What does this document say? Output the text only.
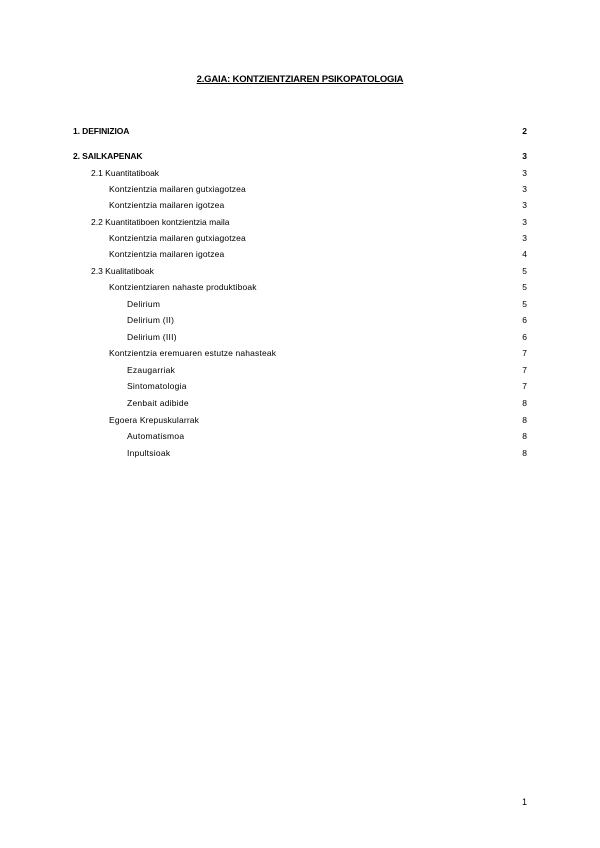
2.GAIA: KONTZIENTZIAREN PSIKOPATOLOGIA
1. DEFINIZIOA	2
2. SAILKAPENAK	3
2.1 Kuantitatiboak	3
Kontzientzia mailaren gutxiagotzea	3
Kontzientzia mailaren igotzea	3
2.2 Kuantitatiboen kontzientzia maila	3
Kontzientzia mailaren gutxiagotzea	3
Kontzientzia mailaren igotzea	4
2.3 Kualitatiboak	5
Kontzientziaren nahaste produktiboak	5
Delirium	5
Delirium (II)	6
Delirium (III)	6
Kontzientzia eremuaren estutze nahasteak	7
Ezaugarriak	7
Sintomatologia	7
Zenbait adibide	8
Egoera Krepuskularrak	8
Automatismoa	8
Inpultsioak	8
1
